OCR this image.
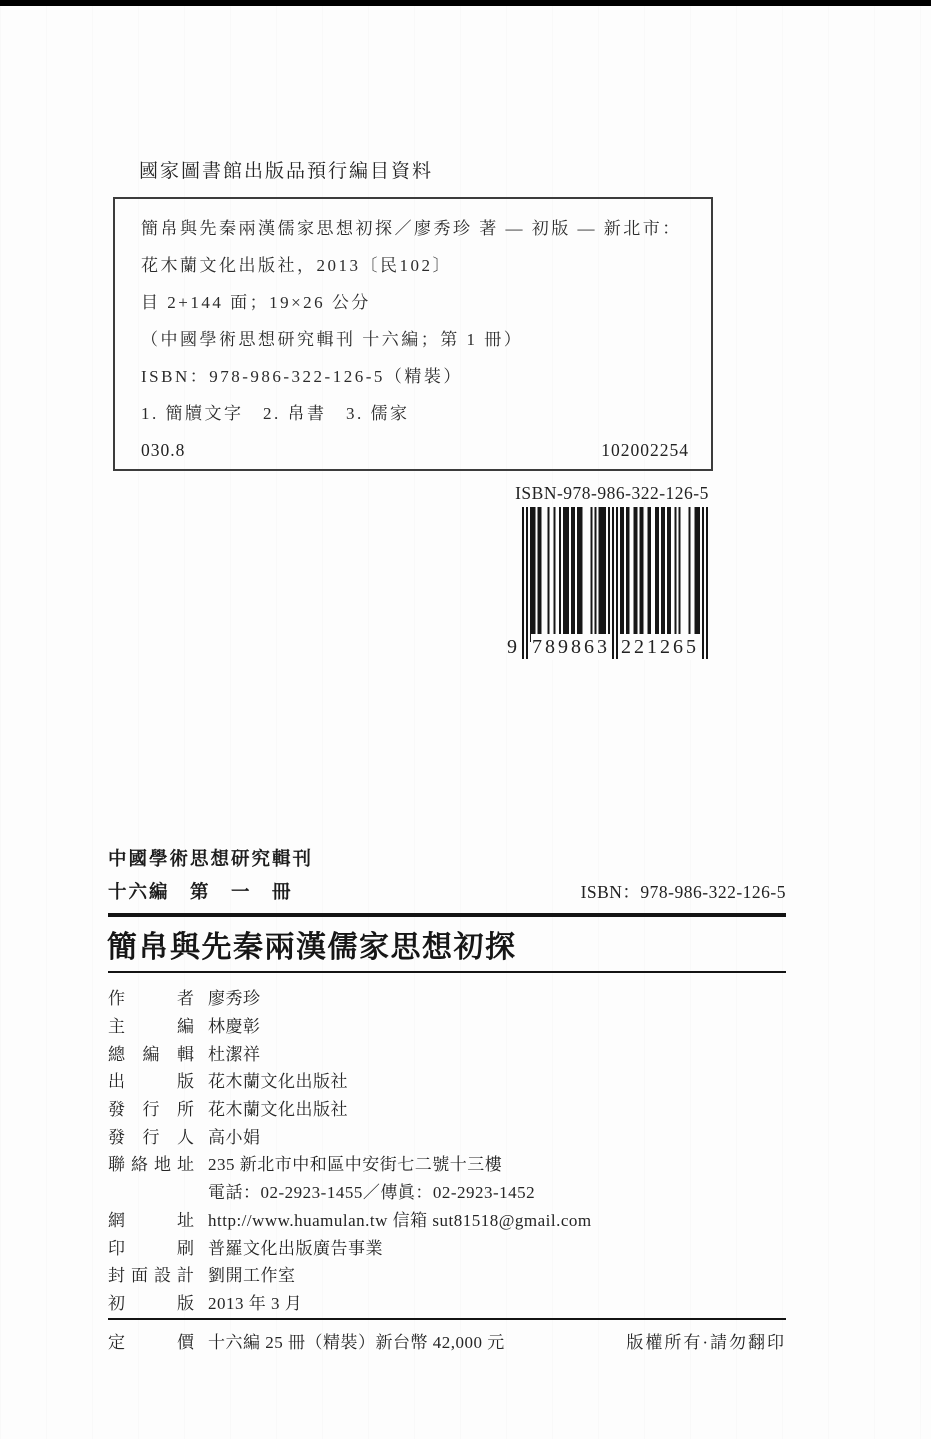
國家圖書館出版品預行編目資料
簡帛與先秦兩漢儒家思想初探／廖秀珍 著 — 初版 — 新北市：
花木蘭文化出版社，2013〔民102〕
目 2+144 面；19×26 公分
（中國學術思想研究輯刊 十六編；第 1 冊）
ISBN：978-986-322-126-5（精裝）
1. 簡牘文字　2. 帛書　3. 儒家
030.8	102002254
ISBN-978-986-322-126-5
9 789863 221265
中國學術思想研究輯刊
十六編　第　一　冊	ISBN：978-986-322-126-5
簡帛與先秦兩漢儒家思想初探
作	者 廖秀珍
主	編 林慶彰
總 編 輯 杜潔祥
出	版 花木蘭文化出版社
發 行 所 花木蘭文化出版社
發 行 人 高小娟
聯 絡 地 址 235 新北市中和區中安街七二號十三樓
電話：02-2923-1455／傳眞：02-2923-1452
網	址 http://www.huamulan.tw 信箱 sut81518@gmail.com
印	刷 普羅文化出版廣告事業
封 面 設 計 劉開工作室
初	版 2013 年 3 月
定	價 十六編 25 冊（精裝）新台幣 42,000 元	版權所有·請勿翻印
